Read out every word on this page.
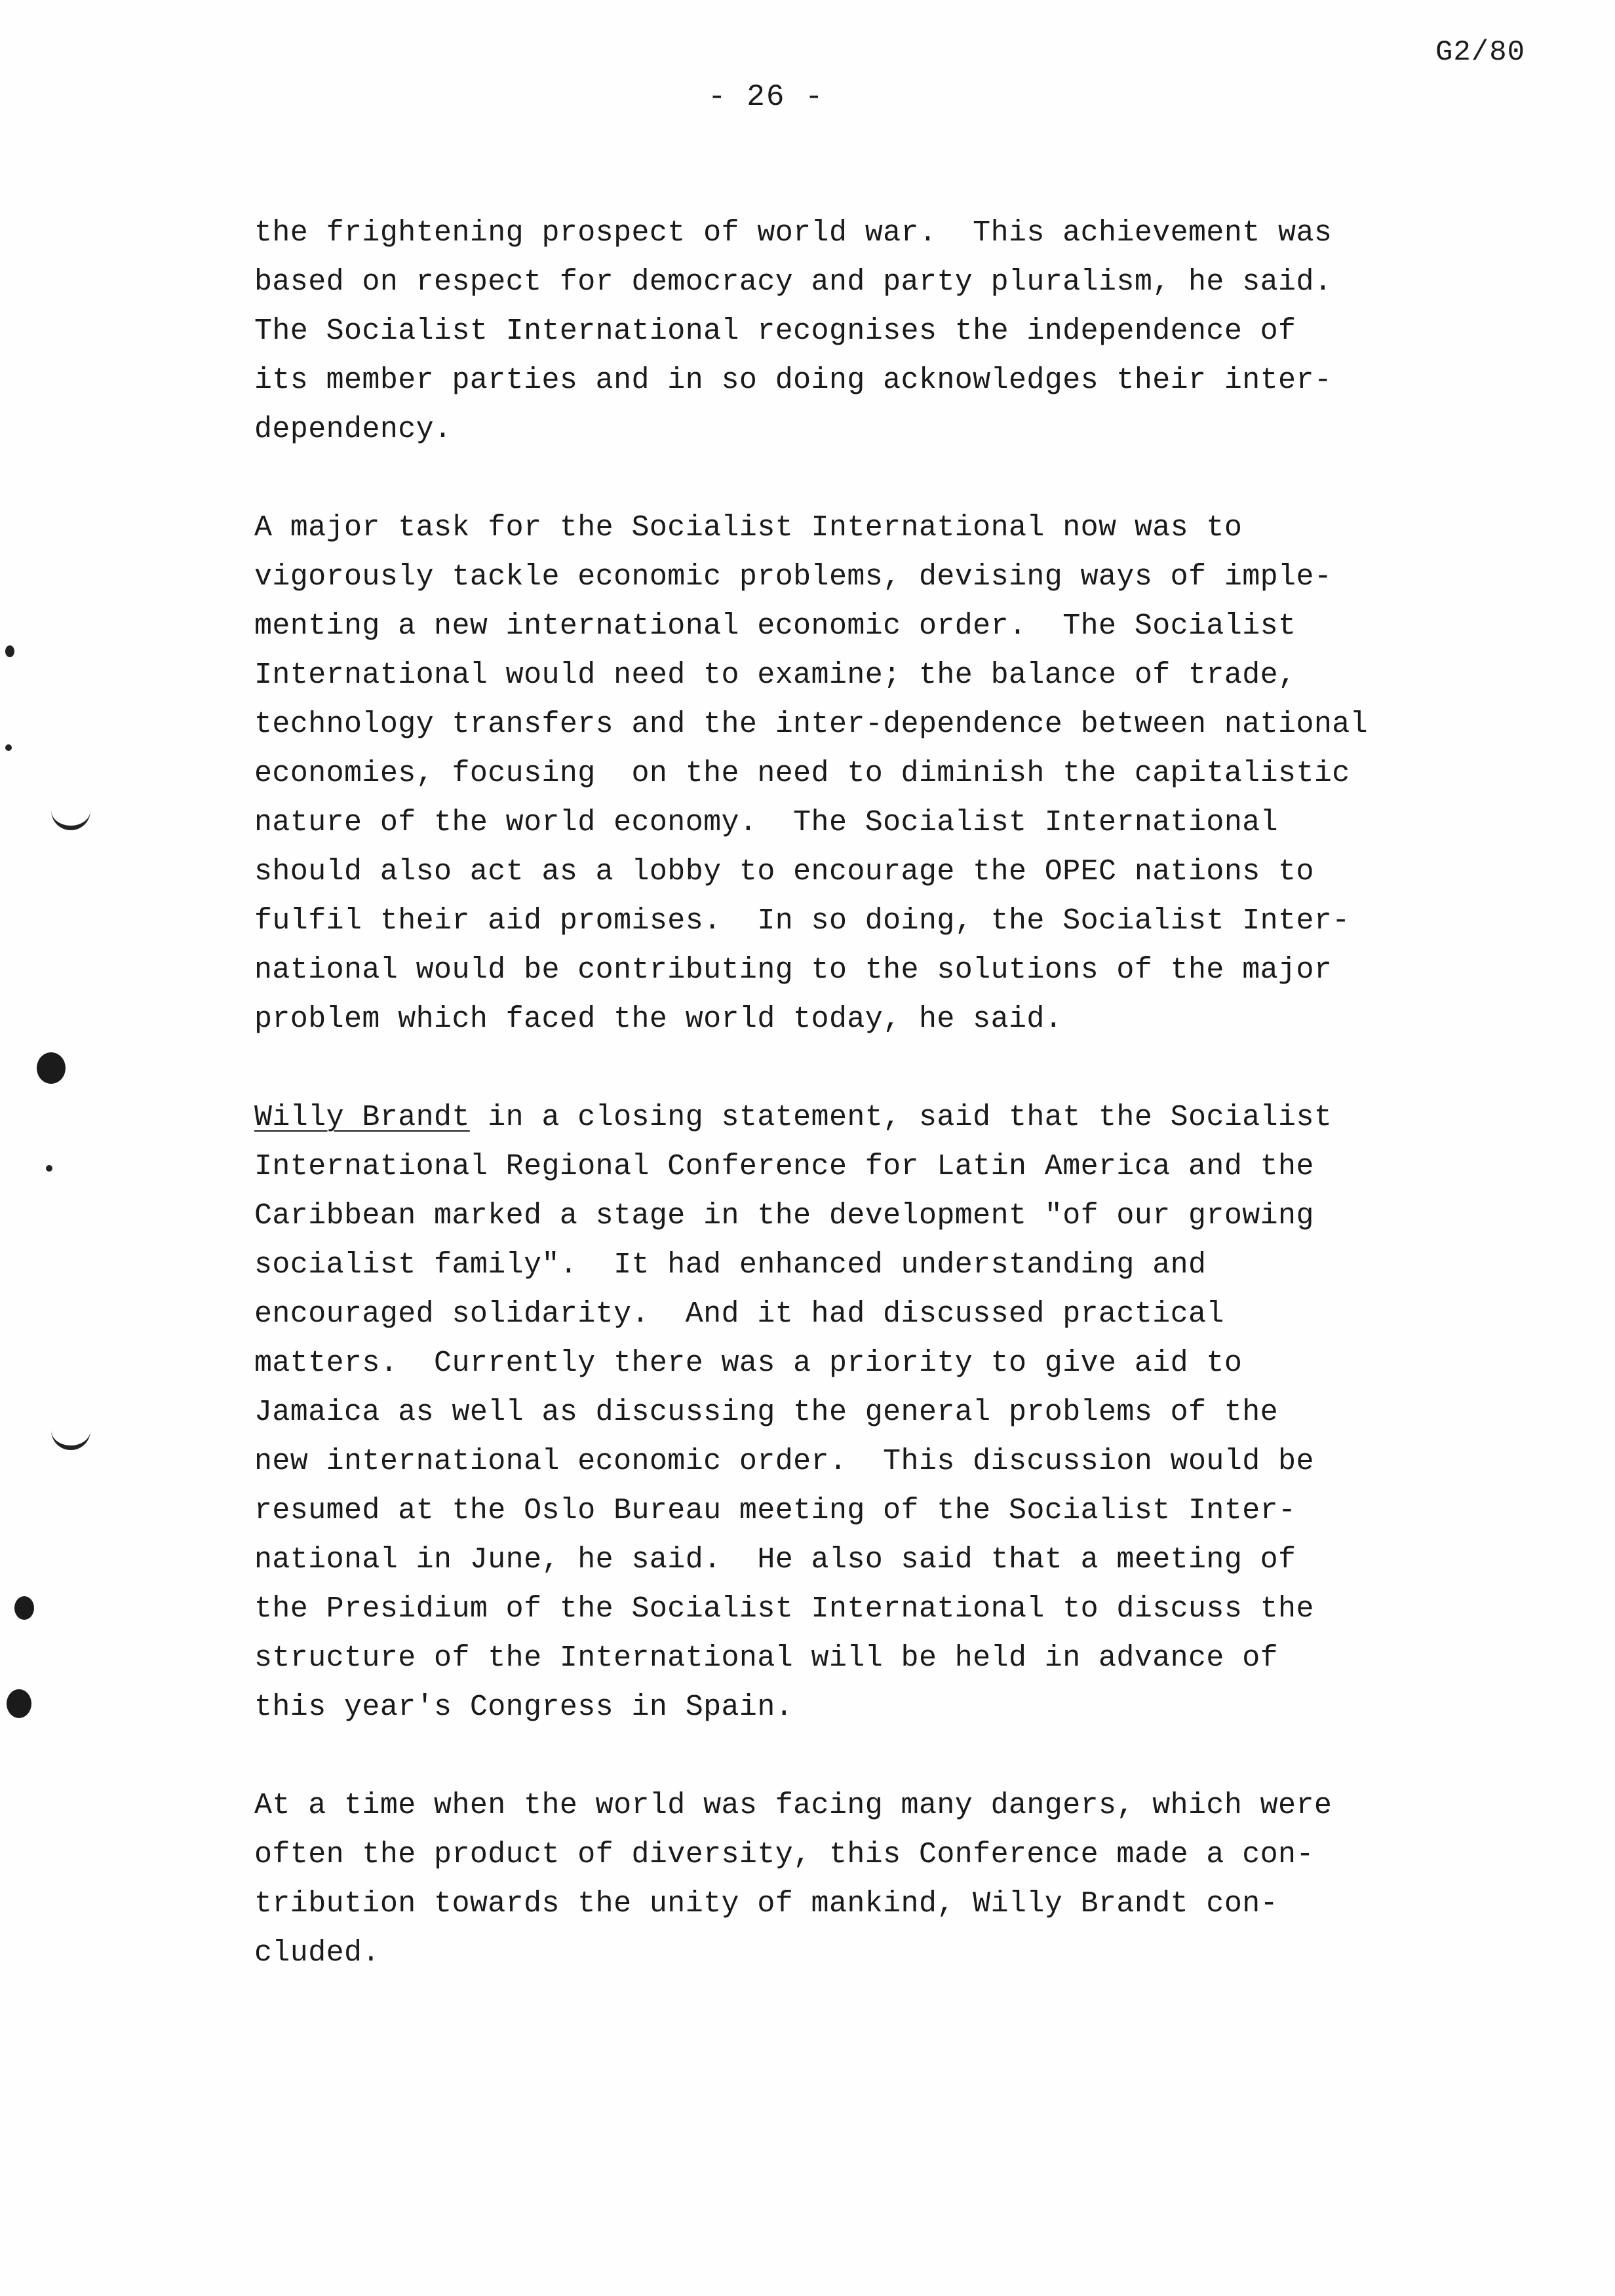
G2/80
- 26 -
the frightening prospect of world war.  This achievement was
based on respect for democracy and party pluralism, he said.
The Socialist International recognises the independence of
its member parties and in so doing acknowledges their inter-
dependency.
A major task for the Socialist International now was to
vigorously tackle economic problems, devising ways of imple-
menting a new international economic order.  The Socialist
International would need to examine; the balance of trade,
technology transfers and the inter-dependence between national
economies, focusing  on the need to diminish the capitalistic
nature of the world economy.  The Socialist International
should also act as a lobby to encourage the OPEC nations to
fulfil their aid promises.  In so doing, the Socialist Inter-
national would be contributing to the solutions of the major
problem which faced the world today, he said.
Willy Brandt in a closing statement, said that the Socialist
International Regional Conference for Latin America and the
Caribbean marked a stage in the development "of our growing
socialist family".  It had enhanced understanding and
encouraged solidarity.  And it had discussed practical
matters.  Currently there was a priority to give aid to
Jamaica as well as discussing the general problems of the
new international economic order.  This discussion would be
resumed at the Oslo Bureau meeting of the Socialist Inter-
national in June, he said.  He also said that a meeting of
the Presidium of the Socialist International to discuss the
structure of the International will be held in advance of
this year's Congress in Spain.
At a time when the world was facing many dangers, which were
often the product of diversity, this Conference made a con-
tribution towards the unity of mankind, Willy Brandt con-
cluded.
